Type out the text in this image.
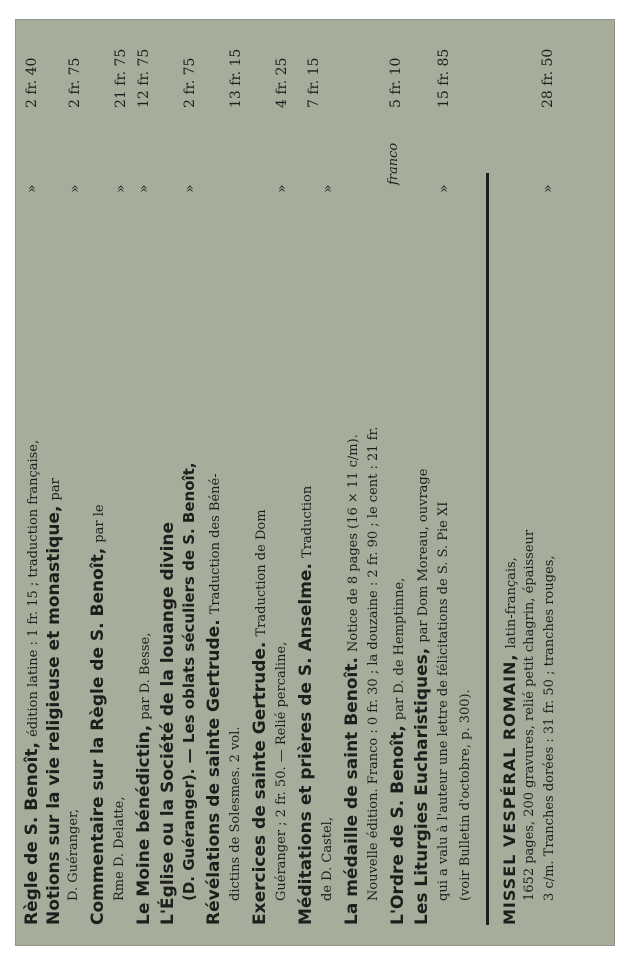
Règle de S. Benoît, édition latine : 1 fr. 15 ; traduction française,
»
2 fr. 40
Notions sur la vie religieuse et monastique, par
D. Guéranger,
»
2 fr. 75
Commentaire sur la Règle de S. Benoît, par le
Rme D. Delatte,
»
21 fr. 75
Le Moine bénédictin, par D. Besse,
»
12 fr. 75
L'Église ou la Société de la louange divine (D. Guéranger). — Les oblats séculiers de S. Benoît,
»
2 fr. 75
Révélations de sainte Gertrude. Traduction des Béné-
dictins de Solesmes. 2 vol.
13 fr. 15
Exercices de sainte Gertrude. Traduction de Dom
Guéranger ; 2 fr. 50. — Relié percaline,
»
4 fr. 25
Méditations et prières de S. Anselme. Traduction
de D. Castel,
»
7 fr. 15
La médaille de saint Benoît. Notice de 8 pages (16 × 11 c/m). Nouvelle édition. Franco : 0 fr. 30 ; la douzaine : 2 fr. 90 ; le cent : 21 fr.
franco
L'Ordre de S. Benoît, par D. de Hemptinne,
5 fr. 10
Les Liturgies Eucharistiques, par Dom Moreau, ouvrage qui a valu à l'auteur une lettre de félicitations de S. S. Pie XI (voir Bulletin d'octobre, p. 300).
»
15 fr. 85
MISSEL VESPÉRAL ROMAIN, latin-français, 1652 pages, 200 gravures, relié petit chagrin, épaisseur 3 c/m. Tranches dorées : 31 fr. 50 ; tranches rouges,
»
28 fr. 50
